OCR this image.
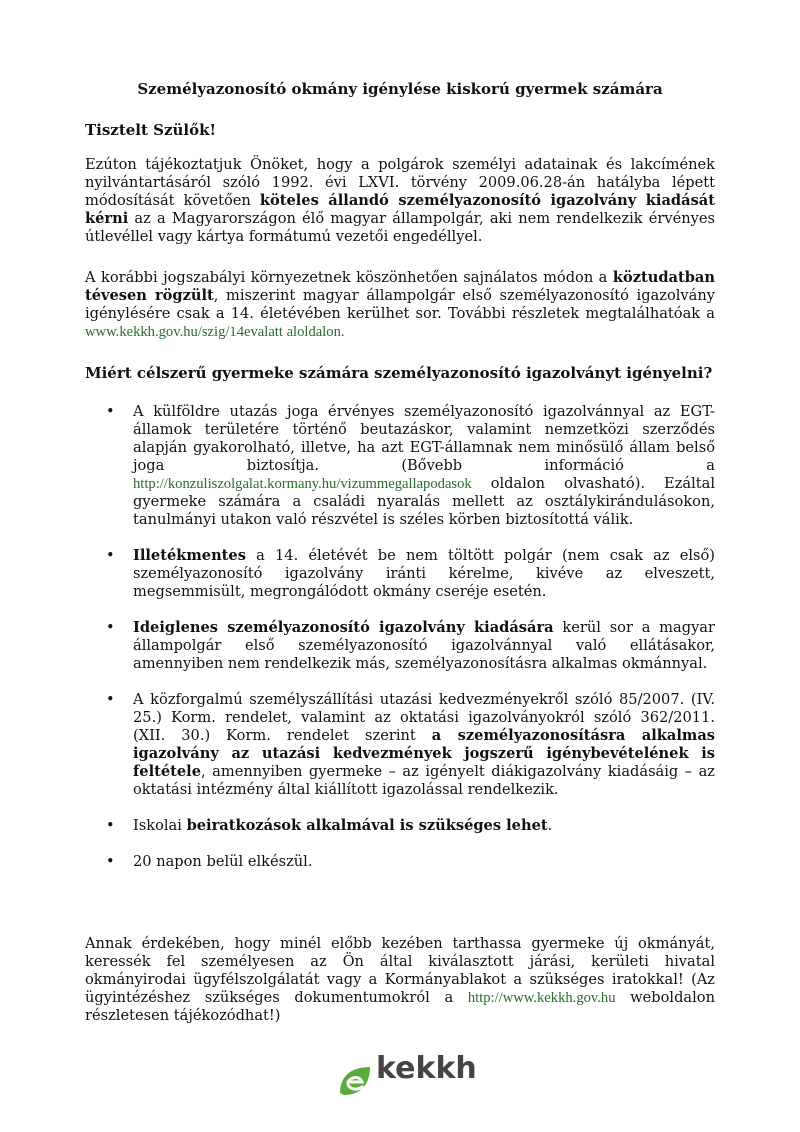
Személyazonosító okmány igénylése kiskorú gyermek számára
Tisztelt Szülők!
Ezúton tájékoztatjuk Önöket, hogy a polgárok személyi adatainak és lakcímének nyilvántartásáról szóló 1992. évi LXVI. törvény 2009.06.28-án hatályba lépett módosítását követően köteles állandó személyazonosító igazolvány kiadását kérni az a Magyarországon élő magyar állampolgár, aki nem rendelkezik érvényes útlevéllel vagy kártya formátumú vezetői engedéllyel.
A korábbi jogszabályi környezetnek köszönhetően sajnálatos módon a köztudatban tévesen rögzült, miszerint magyar állampolgár első személyazonosító igazolvány igénylésére csak a 14. életévében kerülhet sor. További részletek megtalálhatóak a www.kekkh.gov.hu/szig/14evalatt aloldalon.
Miért célszerű gyermeke számára személyazonosító igazolványt igényelni?
• A külföldre utazás joga érvényes személyazonosító igazolvánnyal az EGT-államok területére történő beutazáskor, valamint nemzetközi szerződés alapján gyakorolható, illetve, ha azt EGT-államnak nem minősülő állam belső joga biztosítja. (Bővebb információ a http://konzuliszolgalat.kormany.hu/vizummegallapodasok oldalon olvasható). Ezáltal gyermeke számára a családi nyaralás mellett az osztálykirándulásokon, tanulmányi utakon való részvétel is széles körben biztosítottá válik.
• Illetékmentes a 14. életévét be nem töltött polgár (nem csak az első) személyazonosító igazolvány iránti kérelme, kivéve az elveszett, megsemmisült, megrongálódott okmány cseréje esetén.
• Ideiglenes személyazonosító igazolvány kiadására kerül sor a magyar állampolgár első személyazonosító igazolvánnyal való ellátásakor, amennyiben nem rendelkezik más, személyazonosításra alkalmas okmánnyal.
• A közforgalmú személyszállítási utazási kedvezményekről szóló 85/2007. (IV. 25.) Korm. rendelet, valamint az oktatási igazolványokról szóló 362/2011. (XII. 30.) Korm. rendelet szerint a személyazonosításra alkalmas igazolvány az utazási kedvezmények jogszerű igénybevételének is feltétele, amennyiben gyermeke – az igényelt diákigazolvány kiadásáig – az oktatási intézmény által kiállított igazolással rendelkezik.
• Iskolai beiratkozások alkalmával is szükséges lehet.
• 20 napon belül elkészül.
Annak érdekében, hogy minél előbb kezében tarthassa gyermeke új okmányát, keressék fel személyesen az Ön által kiválasztott járási, kerületi hivatal okmányirodai ügyfélszolgálatát vagy a Kormányablakot a szükséges iratokkal! (Az ügyintézéshez szükséges dokumentumokról a http://www.kekkh.gov.hu weboldalon részletesen tájékozódhat!)
kekkh
